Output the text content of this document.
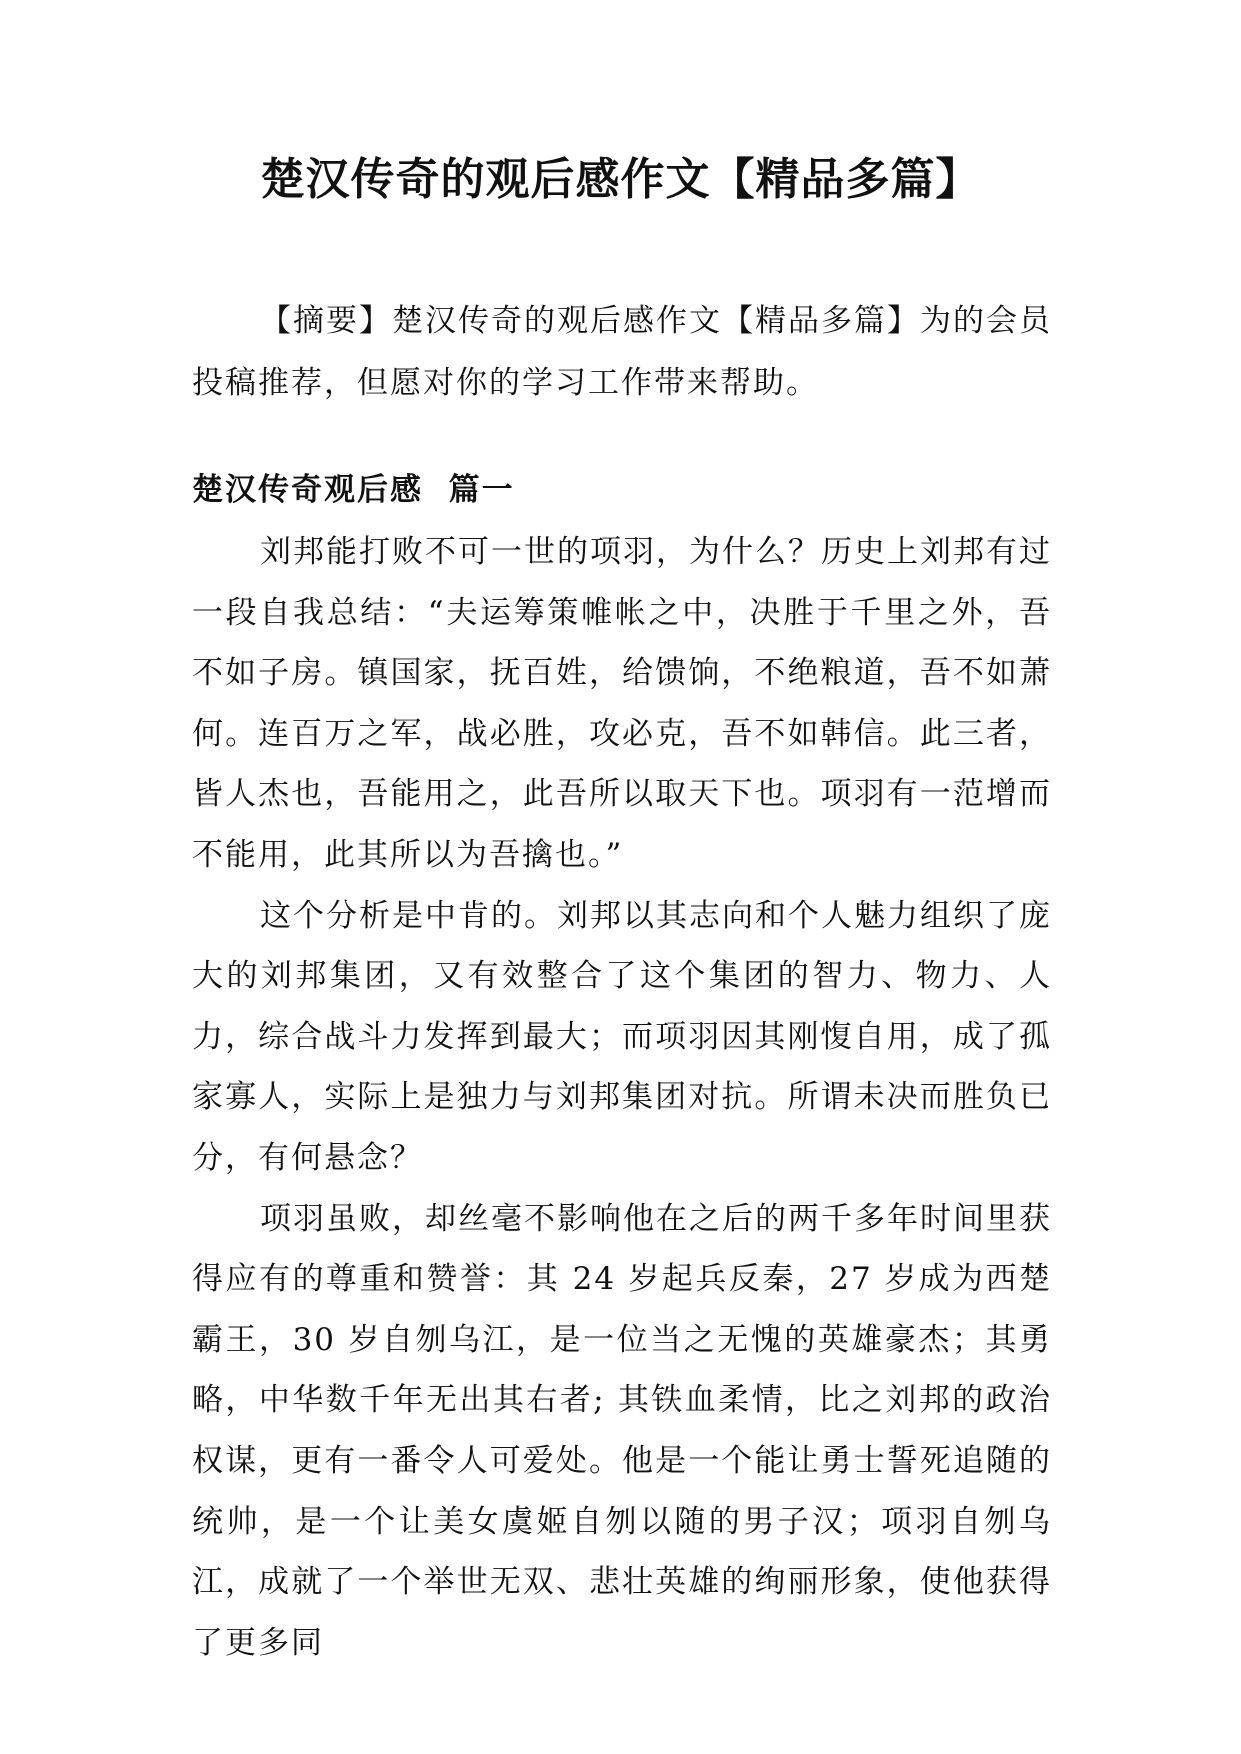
楚汉传奇的观后感作文【精品多篇】

【摘要】楚汉传奇的观后感作文【精品多篇】为的会员投稿推荐，但愿对你的学习工作带来帮助。

楚汉传奇观后感  篇一

刘邦能打败不可一世的项羽，为什么？历史上刘邦有过一段自我总结：“夫运筹策帷帐之中，决胜于千里之外，吾不如子房。镇国家，抚百姓，给馈饷，不绝粮道，吾不如萧何。连百万之军，战必胜，攻必克，吾不如韩信。此三者，皆人杰也，吾能用之，此吾所以取天下也。项羽有一范增而不能用，此其所以为吾擒也。”

这个分析是中肯的。刘邦以其志向和个人魅力组织了庞大的刘邦集团，又有效整合了这个集团的智力、物力、人力，综合战斗力发挥到最大；而项羽因其刚愎自用，成了孤家寡人，实际上是独力与刘邦集团对抗。所谓未决而胜负已分，有何悬念？

项羽虽败，却丝毫不影响他在之后的两千多年时间里获得应有的尊重和赞誉：其 24 岁起兵反秦，27 岁成为西楚霸王，30 岁自刎乌江，是一位当之无愧的英雄豪杰；其勇略，中华数千年无出其右者; 其铁血柔情，比之刘邦的政治权谋，更有一番令人可爱处。他是一个能让勇士誓死追随的统帅，是一个让美女虞姬自刎以随的男子汉；项羽自刎乌江，成就了一个举世无双、悲壮英雄的绚丽形象，使他获得了更多同
